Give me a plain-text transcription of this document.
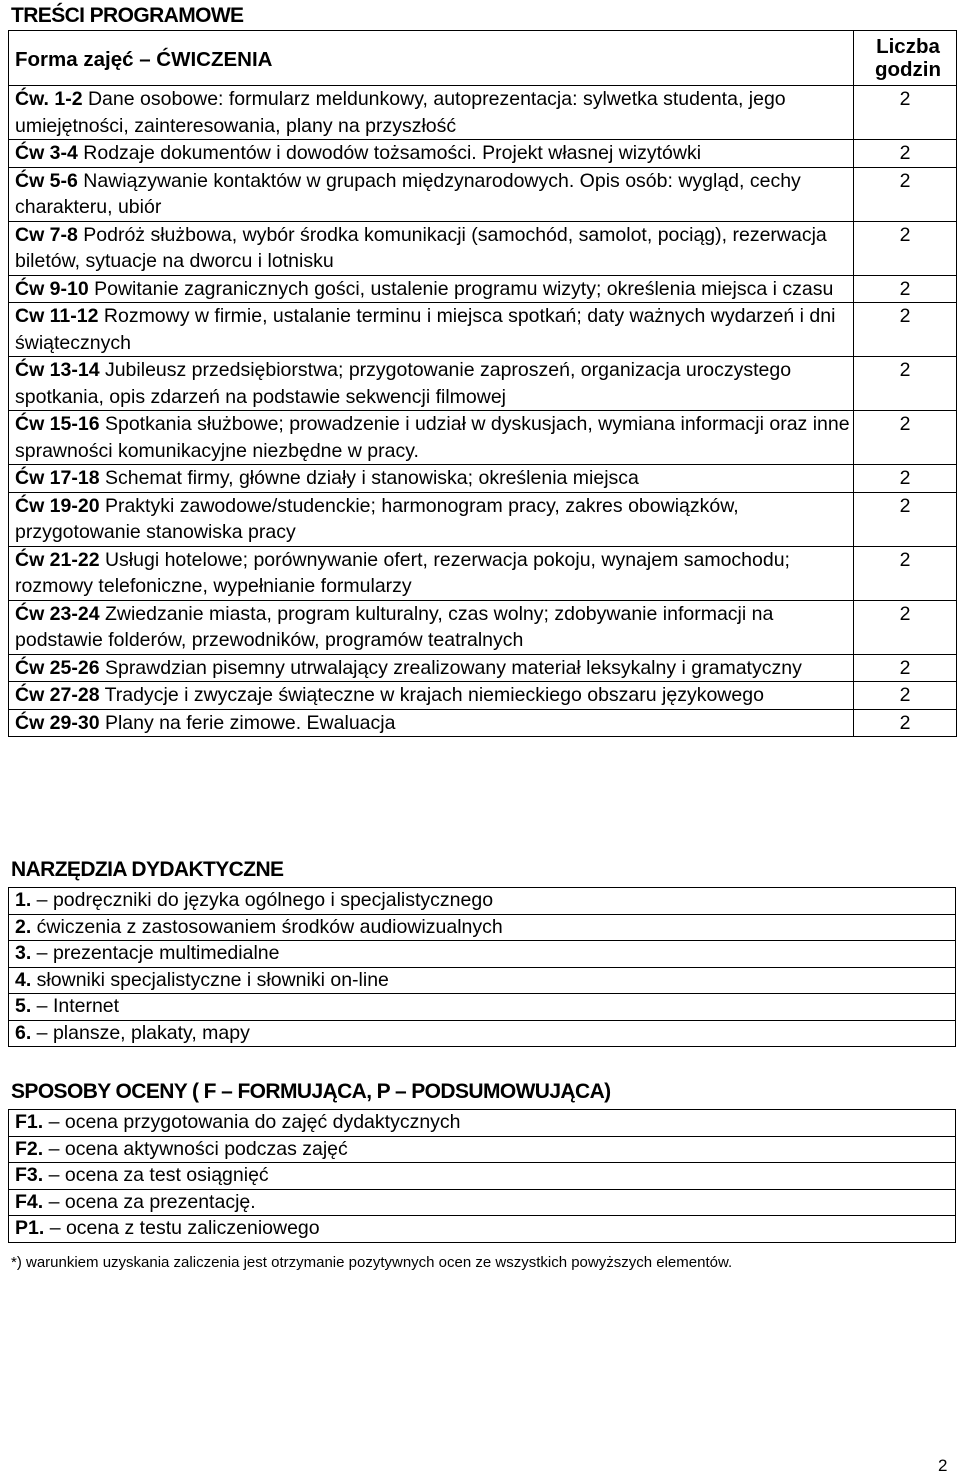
TREŚCI PROGRAMOWE
Forma zajęć – ĆWICZENIA	Liczba godzin
Ćw. 1-2 Dane osobowe: formularz meldunkowy, autoprezentacja: sylwetka studenta, jego umiejętności, zainteresowania, plany na przyszłość	2
Ćw 3-4 Rodzaje dokumentów i dowodów tożsamości. Projekt własnej wizytówki	2
Ćw 5-6 Nawiązywanie kontaktów w grupach międzynarodowych. Opis osób: wygląd, cechy charakteru, ubiór	2
Cw 7-8 Podróż służbowa, wybór środka komunikacji (samochód, samolot, pociąg), rezerwacja biletów, sytuacje na dworcu i lotnisku	2
Ćw 9-10 Powitanie zagranicznych gości, ustalenie programu wizyty; określenia miejsca i czasu	2
Cw 11-12 Rozmowy w firmie, ustalanie terminu i miejsca spotkań; daty ważnych wydarzeń i dni świątecznych	2
Ćw 13-14 Jubileusz przedsiębiorstwa; przygotowanie zaproszeń, organizacja uroczystego spotkania, opis zdarzeń na podstawie sekwencji filmowej	2
Ćw 15-16 Spotkania służbowe; prowadzenie i udział w dyskusjach, wymiana informacji oraz inne sprawności komunikacyjne niezbędne w pracy.	2
Ćw 17-18 Schemat firmy, główne działy i stanowiska; określenia miejsca	2
Ćw 19-20 Praktyki zawodowe/studenckie; harmonogram pracy, zakres obowiązków, przygotowanie stanowiska pracy	2
Ćw 21-22 Usługi hotelowe; porównywanie ofert, rezerwacja pokoju, wynajem samochodu; rozmowy telefoniczne, wypełnianie formularzy	2
Ćw 23-24 Zwiedzanie miasta, program kulturalny, czas wolny; zdobywanie informacji na podstawie folderów, przewodników, programów teatralnych	2
Ćw 25-26 Sprawdzian pisemny utrwalający zrealizowany materiał leksykalny i gramatyczny	2
Ćw 27-28 Tradycje i zwyczaje świąteczne w krajach niemieckiego obszaru językowego	2
Ćw 29-30 Plany na ferie zimowe. Ewaluacja	2
NARZĘDZIA DYDAKTYCZNE
1. – podręczniki do języka ogólnego i specjalistycznego
2. ćwiczenia z zastosowaniem środków audiowizualnych
3. – prezentacje multimedialne
4. słowniki specjalistyczne i słowniki on-line
5. – Internet
6. – plansze, plakaty, mapy
SPOSOBY OCENY ( F – FORMUJĄCA, P – PODSUMOWUJĄCA)
F1. – ocena przygotowania do zajęć dydaktycznych
F2. – ocena aktywności podczas zajęć
F3. – ocena za test osiągnięć
F4. – ocena za prezentację.
P1. – ocena z testu zaliczeniowego
*) warunkiem uzyskania zaliczenia jest otrzymanie pozytywnych ocen ze wszystkich powyższych elementów.
2
